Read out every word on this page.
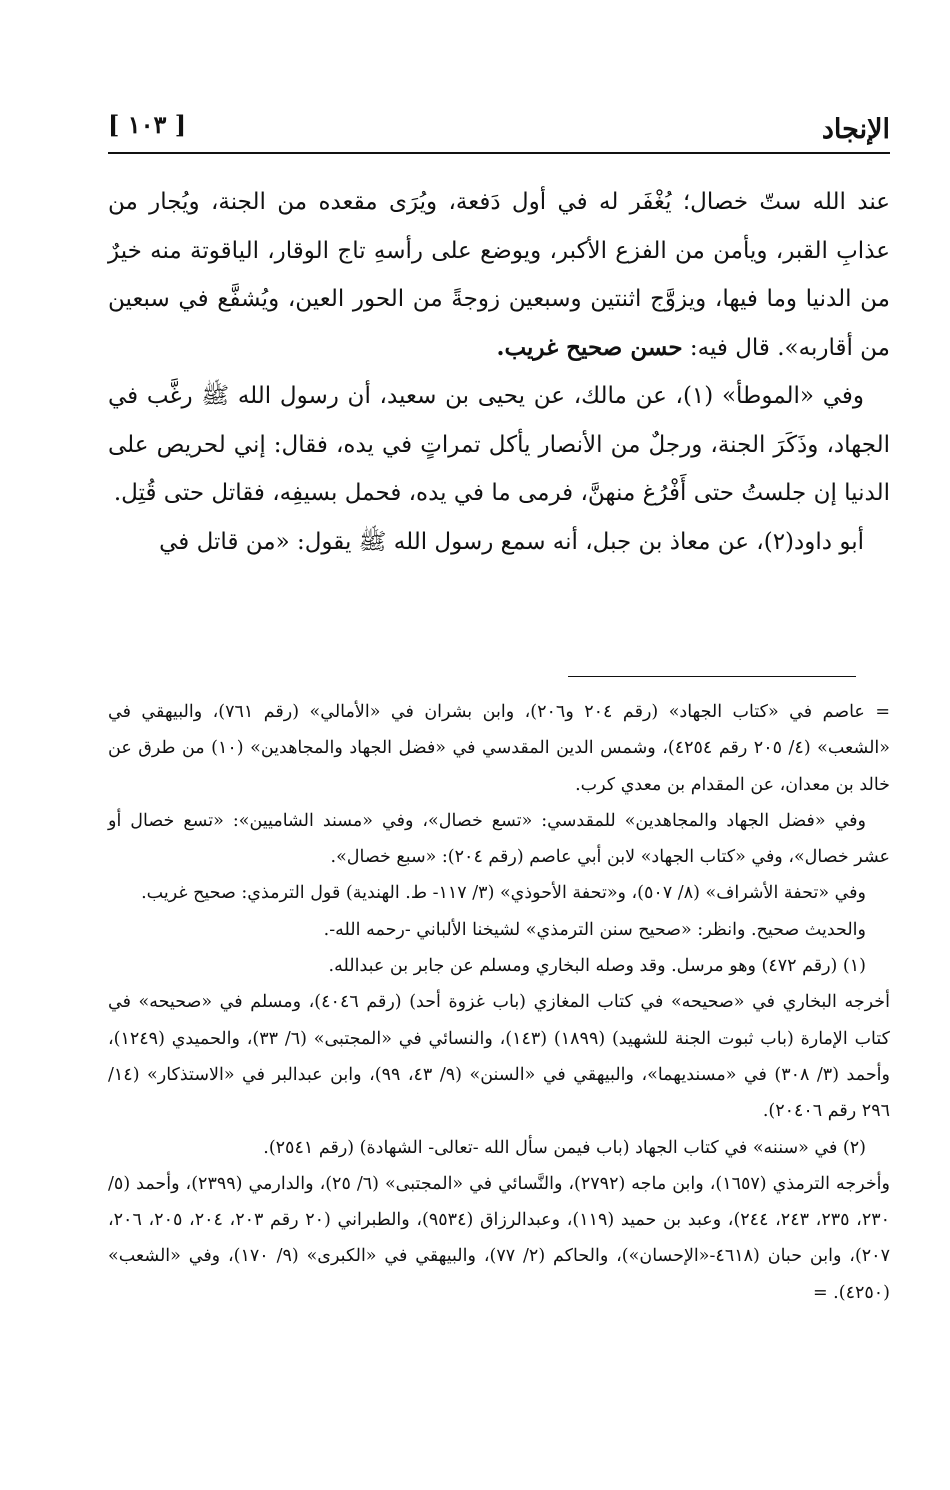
الإنجاد
[ ١٠٣ ]

عند الله ستّ خصال؛ يُغْفَر له في أول دَفعة، ويُرَى مقعده من الجنة، ويُجار من عذابِ القبر، ويأمن من الفزع الأكبر، ويوضع على رأسهِ تاج الوقار، الياقوتة منه خيرٌ من الدنيا وما فيها، ويزوَّج اثنتين وسبعين زوجةً من الحور العين، ويُشفَّع في سبعين من أقاربه». قال فيه: حسن صحيح غريب.

وفي «الموطأ» (١)، عن مالك، عن يحيى بن سعيد، أن رسول الله ﷺ رغَّب في الجهاد، وذَكَرَ الجنة، ورجلٌ من الأنصار يأكل تمراتٍ في يده، فقال: إني لحريص على الدنيا إن جلستُ حتى أَفْرُغ منهنَّ، فرمى ما في يده، فحمل بسيفِه، فقاتل حتى قُتِل.

أبو داود(٢)، عن معاذ بن جبل، أنه سمع رسول الله ﷺ يقول: «من قاتل في

= عاصم في «كتاب الجهاد» (رقم ٢٠٤ و٢٠٦)، وابن بشران في «الأمالي» (رقم ٧٦١)، والبيهقي في «الشعب» (٤/ ٢٠٥ رقم ٤٢٥٤)، وشمس الدين المقدسي في «فضل الجهاد والمجاهدين» (١٠) من طرق عن خالد بن معدان، عن المقدام بن معدي كرب.

وفي «فضل الجهاد والمجاهدين» للمقدسي: «تسع خصال»، وفي «مسند الشاميين»: «تسع خصال أو عشر خصال»، وفي «كتاب الجهاد» لابن أبي عاصم (رقم ٢٠٤): «سبع خصال».

وفي «تحفة الأشراف» (٨/ ٥٠٧)، و«تحفة الأحوذي» (٣/ ١١٧- ط. الهندية) قول الترمذي: صحيح غريب.

والحديث صحيح. وانظر: «صحيح سنن الترمذي» لشيخنا الألباني -رحمه الله-.

(١) (رقم ٤٧٢) وهو مرسل. وقد وصله البخاري ومسلم عن جابر بن عبدالله.

أخرجه البخاري في «صحيحه» في كتاب المغازي (باب غزوة أحد) (رقم ٤٠٤٦)، ومسلم في «صحيحه» في كتاب الإمارة (باب ثبوت الجنة للشهيد) (١٨٩٩) (١٤٣)، والنسائي في «المجتبى» (٦/ ٣٣)، والحميدي (١٢٤٩)، وأحمد (٣/ ٣٠٨) في «مسنديهما»، والبيهقي في «السنن» (٩/ ٤٣، ٩٩)، وابن عبدالبر في «الاستذكار» (١٤/ ٢٩٦ رقم ٢٠٤٠٦).

(٢) في «سننه» في كتاب الجهاد (باب فيمن سأل الله -تعالى- الشهادة) (رقم ٢٥٤١).

وأخرجه الترمذي (١٦٥٧)، وابن ماجه (٢٧٩٢)، والنَّسائي في «المجتبى» (٦/ ٢٥)، والدارمي (٢٣٩٩)، وأحمد (٥/ ٢٣٠، ٢٣٥، ٢٤٣، ٢٤٤)، وعبد بن حميد (١١٩)، وعبدالرزاق (٩٥٣٤)، والطبراني (٢٠ رقم ٢٠٣، ٢٠٤، ٢٠٥، ٢٠٦، ٢٠٧)، وابن حبان (٤٦١٨-«الإحسان»)، والحاكم (٢/ ٧٧)، والبيهقي في «الكبرى» (٩/ ١٧٠)، وفي «الشعب» (٤٢٥٠). =
